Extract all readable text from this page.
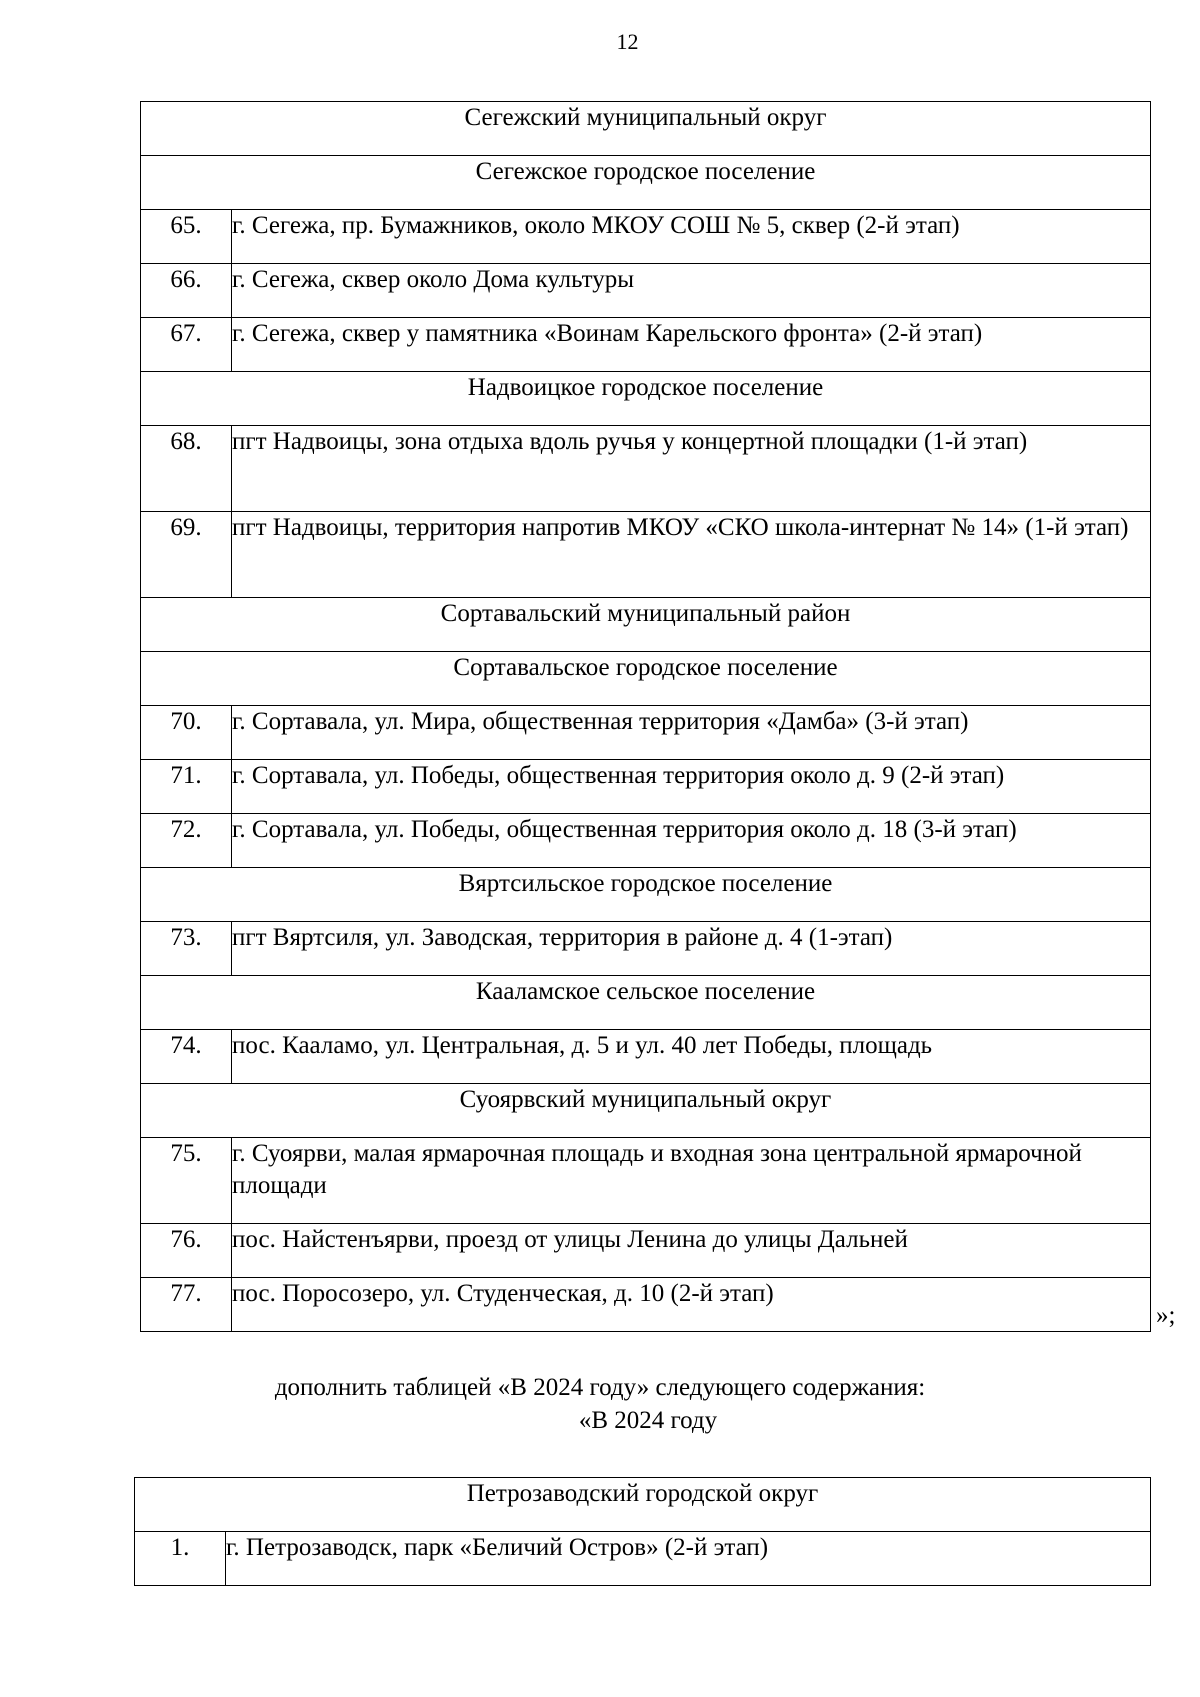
12
Сегежский муниципальный округ	
Сегежское городское поселение	
65.	г. Сегежа, пр. Бумажников, около МКОУ СОШ № 5, сквер (2-й этап)
66.	г. Сегежа, сквер около Дома культуры
67.	г. Сегежа, сквер у памятника «Воинам Карельского фронта» (2-й этап)
Надвоицкое городское поселение	
68.	пгт Надвоицы, зона отдыха вдоль ручья у концертной площадки (1-й этап)
69.	пгт Надвоицы, территория напротив МКОУ «СКО школа-интернат № 14» (1-й этап)
Сортавальский муниципальный район	
Сортавальское городское поселение	
70.	г. Сортавала, ул. Мира, общественная территория «Дамба» (3-й этап)
71.	г. Сортавала, ул. Победы, общественная территория около д. 9 (2-й этап)
72.	г. Сортавала, ул. Победы, общественная территория около д. 18 (3-й этап)
Вяртсильское городское поселение	
73.	пгт Вяртсиля, ул. Заводская, территория в районе д. 4 (1-этап)
Кааламское сельское поселение	
74.	пос. Кааламо, ул. Центральная, д. 5 и ул. 40 лет Победы, площадь
Суоярвский муниципальный округ	
75.	г. Суоярви, малая ярмарочная площадь и входная зона центральной ярмарочной площади
76.	пос. Найстенъярви, проезд от улицы Ленина до улицы Дальней
77.	пос. Поросозеро, ул. Студенческая, д. 10 (2-й этап)
»;
дополнить таблицей «В 2024 году» следующего содержания:
«В 2024 году
Петрозаводский городской округ
1.	г. Петрозаводск, парк «Беличий Остров» (2-й этап)
